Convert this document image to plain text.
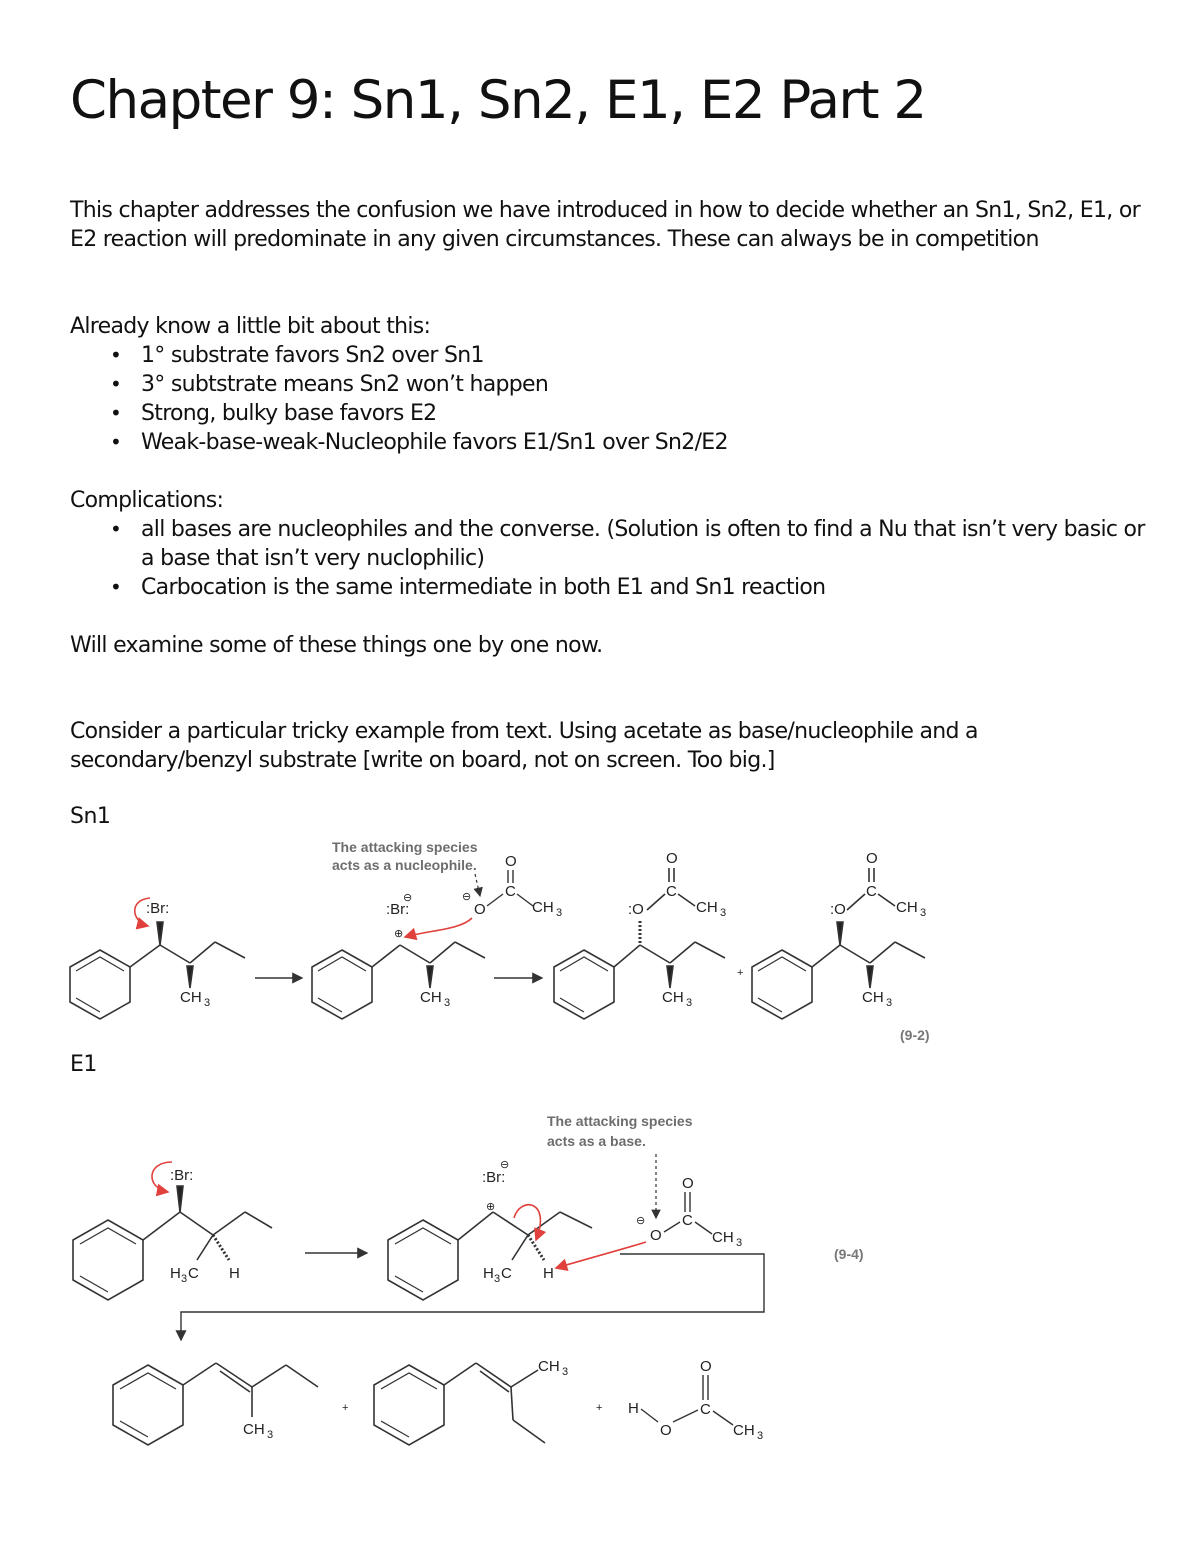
Chapter 9: Sn1, Sn2, E1, E2 Part 2

This chapter addresses the confusion we have introduced in how to decide whether an Sn1, Sn2, E1, or E2 reaction will predominate in any given circumstances. These can always be in competition

Already know a little bit about this:

• 1° substrate favors Sn2 over Sn1
• 3° subtstrate means Sn2 won’t happen
• Strong, bulky base favors E2
• Weak-base-weak-Nucleophile favors E1/Sn1 over Sn2/E2

Complications:

• all bases are nucleophiles and the converse. (Solution is often to find a Nu that isn’t very basic or a base that isn’t very nuclophilic)
• Carbocation is the same intermediate in both E1 and Sn1 reaction

Will examine some of these things one by one now.

Consider a particular tricky example from text. Using acetate as base/nucleophile and a secondary/benzyl substrate [write on board, not on screen. Too big.]

Sn1

:Br:
CH 3
:Br:
⊖
⊕
CH 3
The attacking species
acts as a nucleophile.
⊖
O
C
O
CH 3	:O
C
O
CH 3
CH 3
+
:O
C
O
CH 3
CH 3
(9-2)

E1

:Br:
H 3 C H
:Br:
⊖
⊕
H 3 C H
The attacking species
acts as a base.
⊖
O
C
O
CH 3
(9-4)
CH 3
+
CH 3
+ H
O
C
O
CH 3
